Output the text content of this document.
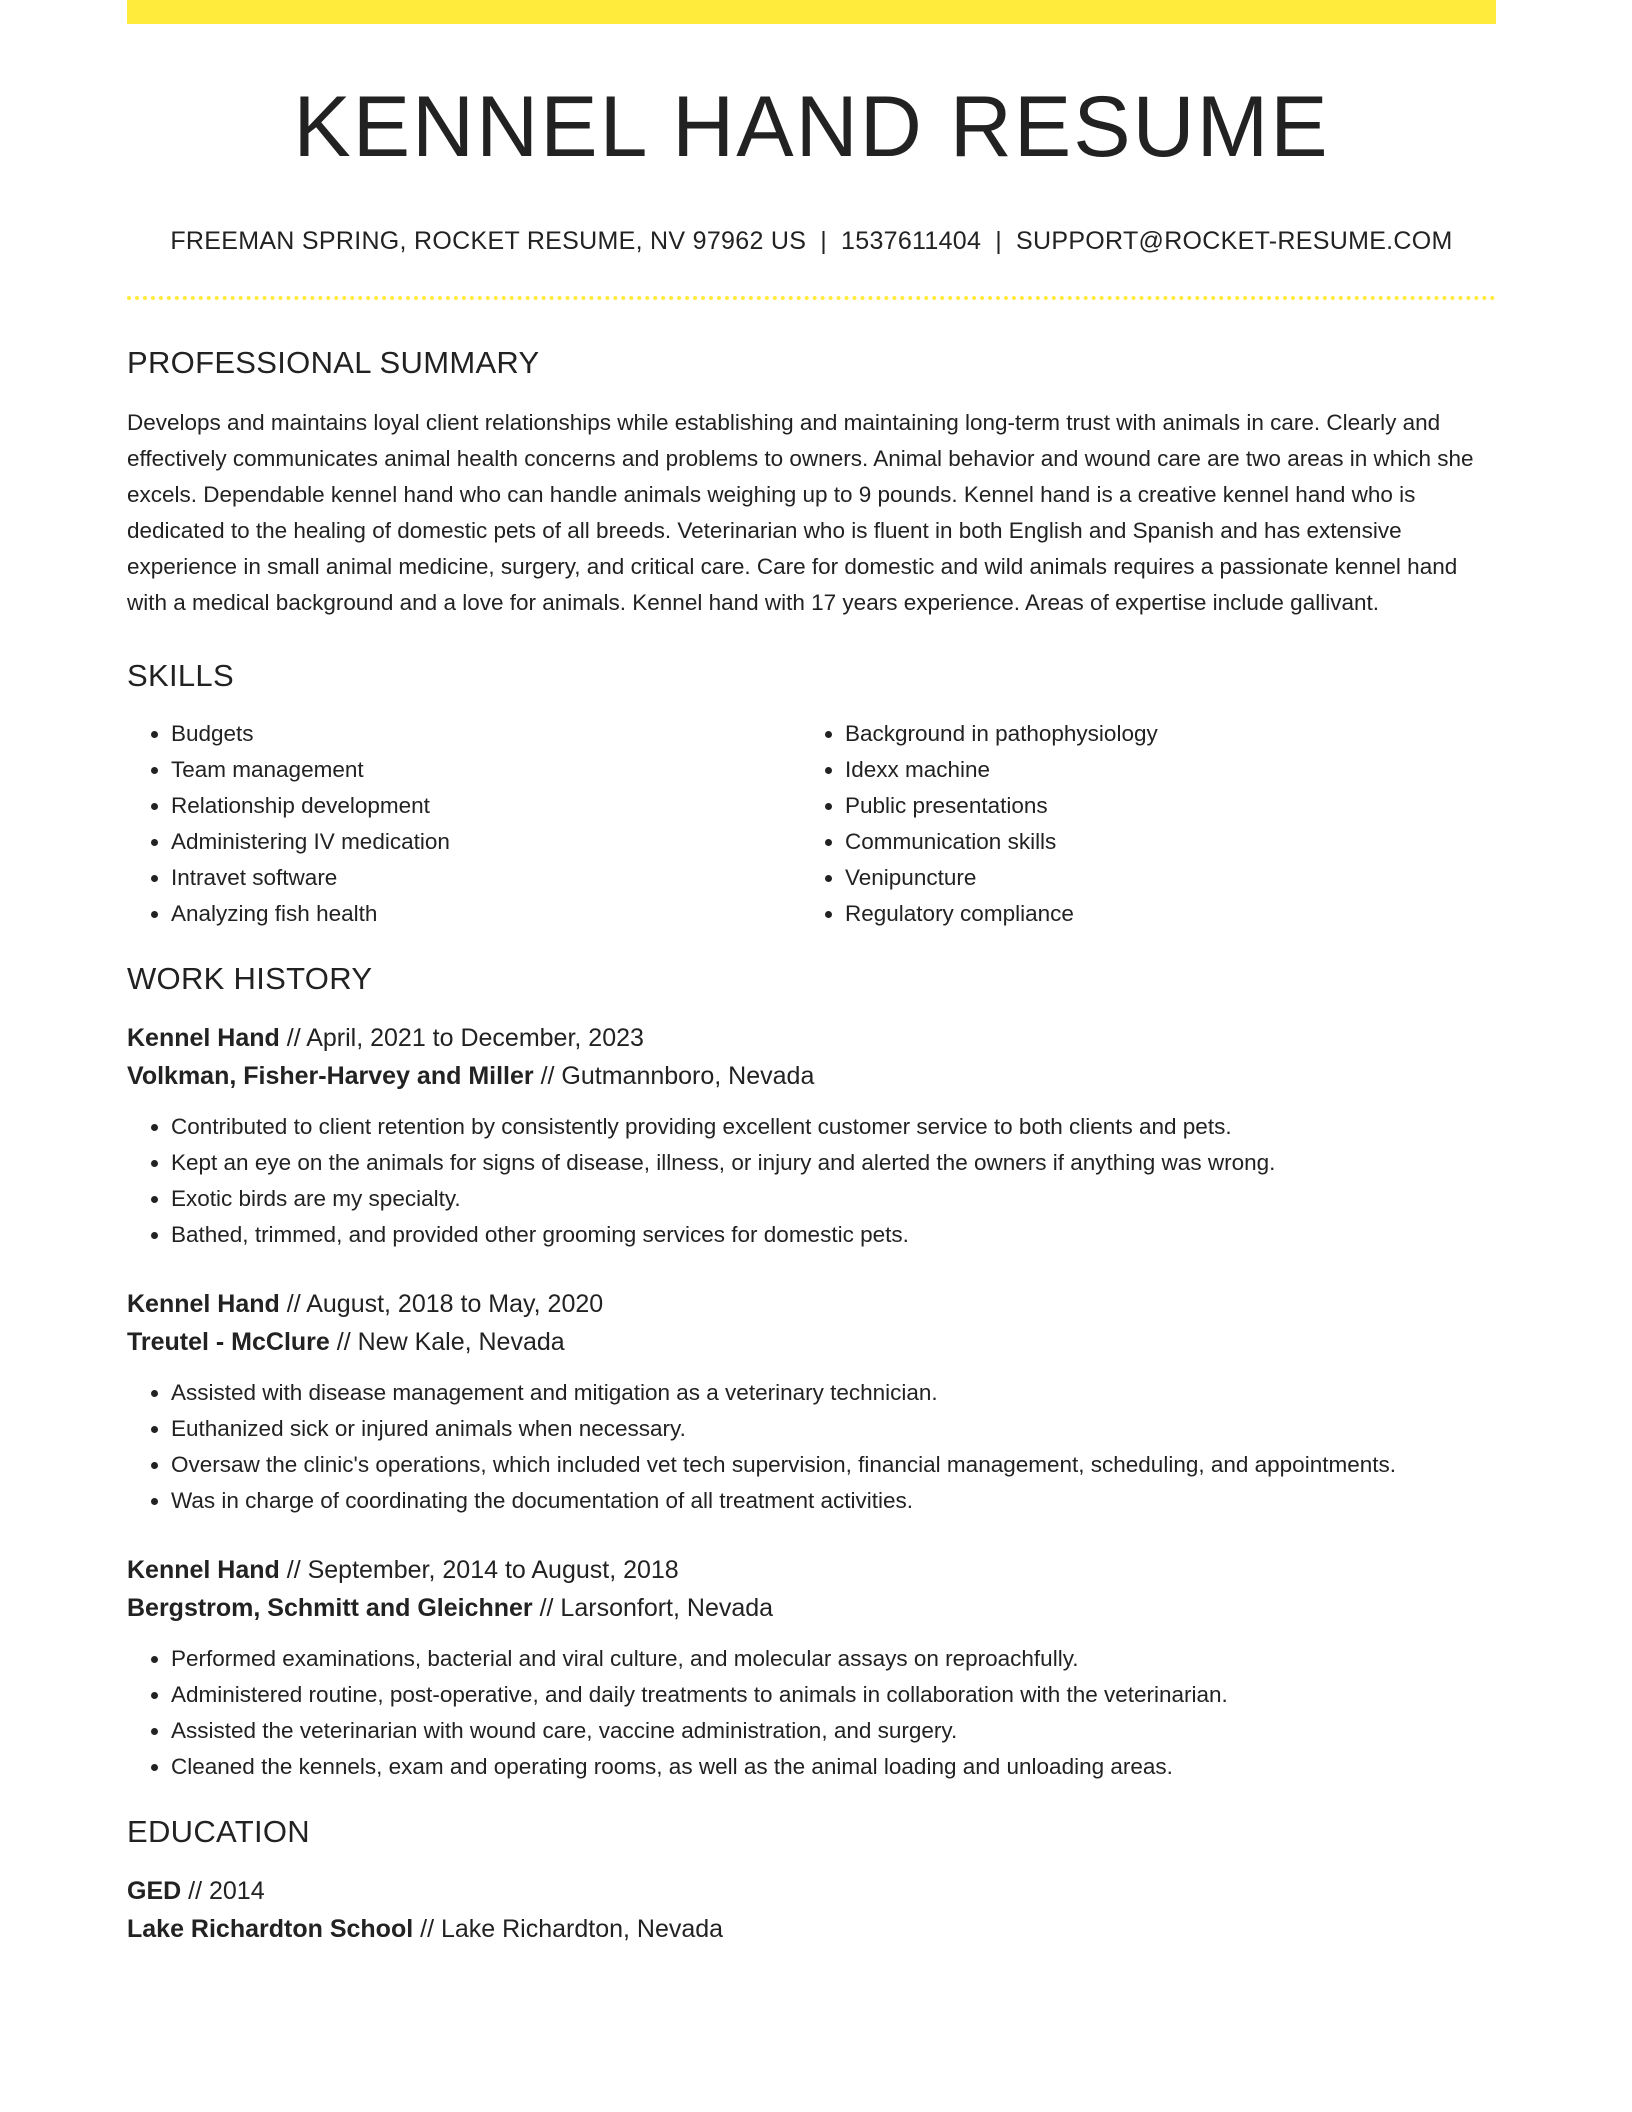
KENNEL HAND RESUME
FREEMAN SPRING, ROCKET RESUME, NV 97962 US | 1537611404 | SUPPORT@ROCKET-RESUME.COM
PROFESSIONAL SUMMARY

Develops and maintains loyal client relationships while establishing and maintaining long-term trust with animals in care. Clearly and effectively communicates animal health concerns and problems to owners. Animal behavior and wound care are two areas in which she excels. Dependable kennel hand who can handle animals weighing up to 9 pounds. Kennel hand is a creative kennel hand who is dedicated to the healing of domestic pets of all breeds. Veterinarian who is fluent in both English and Spanish and has extensive experience in small animal medicine, surgery, and critical care. Care for domestic and wild animals requires a passionate kennel hand with a medical background and a love for animals. Kennel hand with 17 years experience. Areas of expertise include gallivant.

SKILLS
• Budgets
• Team management
• Relationship development
• Administering IV medication
• Intravet software
• Analyzing fish health
• Background in pathophysiology
• Idexx machine
• Public presentations
• Communication skills
• Venipuncture
• Regulatory compliance
WORK HISTORY
Kennel Hand // April, 2021 to December, 2023
Volkman, Fisher-Harvey and Miller // Gutmannboro, Nevada
• Contributed to client retention by consistently providing excellent customer service to both clients and pets.
• Kept an eye on the animals for signs of disease, illness, or injury and alerted the owners if anything was wrong.
• Exotic birds are my specialty.
• Bathed, trimmed, and provided other grooming services for domestic pets.
Kennel Hand // August, 2018 to May, 2020
Treutel - McClure // New Kale, Nevada
• Assisted with disease management and mitigation as a veterinary technician.
• Euthanized sick or injured animals when necessary.
• Oversaw the clinic's operations, which included vet tech supervision, financial management, scheduling, and appointments.
• Was in charge of coordinating the documentation of all treatment activities.
Kennel Hand // September, 2014 to August, 2018
Bergstrom, Schmitt and Gleichner // Larsonfort, Nevada
• Performed examinations, bacterial and viral culture, and molecular assays on reproachfully.
• Administered routine, post-operative, and daily treatments to animals in collaboration with the veterinarian.
• Assisted the veterinarian with wound care, vaccine administration, and surgery.
• Cleaned the kennels, exam and operating rooms, as well as the animal loading and unloading areas.
EDUCATION
GED // 2014
Lake Richardton School // Lake Richardton, Nevada
